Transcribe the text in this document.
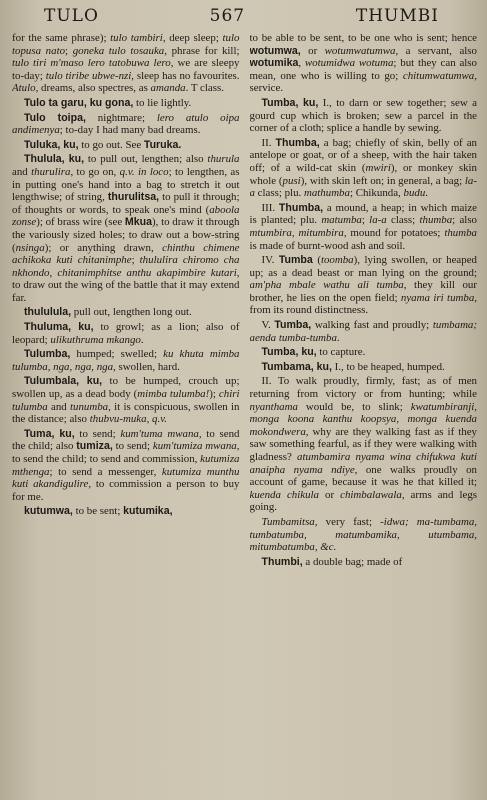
TULO	567	THUMBI

for the same phrase); tulo tambiri, deep sleep; tulo topusa nato; goneka tulo tosauka, phrase for kill; tulo tiri m'maso lero tatobuwa lero, we are sleepy to-day; tulo tiribe ubwe-nzi, sleep has no favourites. Atulo, dreams, also spectres, as amanda. T class.

Tulo ta garu, ku gona, to lie lightly.

Tulo toipa, nightmare; lero atulo oipa andimenya; to-day I had many bad dreams.

Tuluka, ku, to go out. See Turuka.

Thulula, ku, to pull out, lengthen; also thurula and thurulira, to go on, q.v. in loco; to lengthen, as in putting one's hand into a bag to stretch it out lengthwise; of string, thurulitsa, to pull it through; of thoughts or words, to speak one's mind (aboola zonse); of brass wire (see Mkua), to draw it through the variously sized holes; to draw out a bow-string (nsinga); or anything drawn, chinthu chimene achikoka kuti chitanimphe; thululira chiromo cha nkhondo, chitanimphitse anthu akapimbire kutari, to draw out the wing of the battle that it may extend far.

thululula, pull out, lengthen long out.

Thuluma, ku, to growl; as a lion; also of leopard; ulikuthruma mkango.

Tulumba, humped; swelled; ku khuta mimba tulumba, nga, nga, nga, swollen, hard.

Tulumbala, ku, to be humped, crouch up; swollen up, as a dead body (mimba tulumba!); chiri tulumba and tunumba, it is conspicuous, swollen in the distance; also thubvu-muka, q.v.

Tuma, ku, to send; kum'tuma mwana, to send the child; also tumiza, to send; kum'tumiza mwana, to send the child; to send and commission, kutumiza mthenga; to send a messenger, kutumiza munthu kuti akandigulire, to commission a person to buy for me.

kutumwa, to be sent; kutumika,

to be able to be sent, to be one who is sent; hence wotumwa, or wotumwatumwa, a servant, also wotumika, wotumidwa wotuma; but they can also mean, one who is willing to go; chitumwatumwa, service.

Tumba, ku, I., to darn or sew together; sew a gourd cup which is broken; sew a parcel in the corner of a cloth; splice a handle by sewing.

II. Thumba, a bag; chiefly of skin, belly of an antelope or goat, or of a sheep, with the hair taken off; of a wild-cat skin (mwiri), or monkey skin whole (pusi), with skin left on; in general, a bag; la-a class; plu. mathumba; Chikunda, budu.

III. Thumba, a mound, a heap; in which maize is planted; plu. matumba; la-a class; thumba; also mtumbira, mitumbira, mound for potatoes; thumba is made of burnt-wood ash and soil.

IV. Tumba (toomba), lying swollen, or heaped up; as a dead beast or man lying on the ground; am'pha mbale wathu ali tumba, they kill our brother, he lies on the open field; nyama iri tumba, from its round distinctness.

V. Tumba, walking fast and proudly; tumbama; aenda tumba-tumba.

Tumba, ku, to capture.

Tumbama, ku, I., to be heaped, humped.

II. To walk proudly, firmly, fast; as of men returning from victory or from hunting; while nyanthama would be, to slink; kwatumbiranji, monga koona kanthu koopsya, monga kuenda mokondwera, why are they walking fast as if they saw something fearful, as if they were walking with gladness? atumbamira nyama wina chifukwa kuti anaipha nyama ndiye, one walks proudly on account of game, because it was he that killed it; kuenda chikula or chimbalawala, arms and legs going.

Tumbamitsa, very fast; -idwa; ma-tumbama, tumbatumba, matumbamika, utumbama, mitumbatumba, &c.

Thumbi, a double bag; made of
